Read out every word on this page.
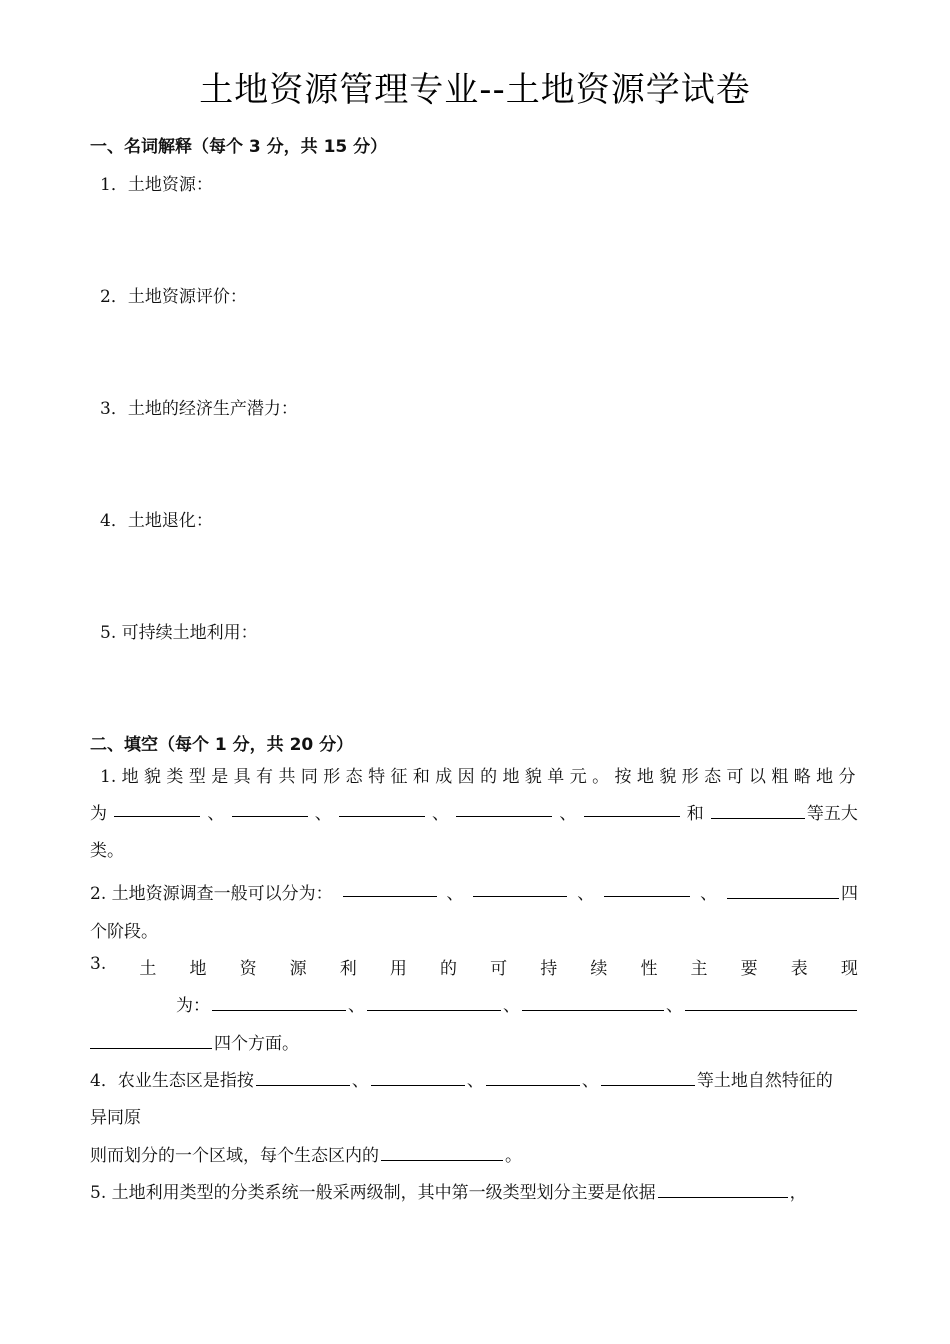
土地资源管理专业--土地资源学试卷
一、名词解释（每个 3 分，共 15 分）
1．土地资源：
2．土地资源评价：
3．土地的经济生产潜力：
4．土地退化：
5. 可持续土地利用：
二、填空（每个 1 分，共 20 分）
1. 地 貌 类 型 是 具 有 共 同 形 态 特 征 和 成 因 的 地 貌 单 元 。 按 地 貌 形 态 可 以 粗 略 地 分
为	、	、	、	、	和	等五大
类。
2. 土地资源调查一般可以分为：	、	、	、	四
个阶段。
3. 土 地 资 源 利 用 的 可 持 续 性 主 要 表 现
为：	、	、	、
四个方面。
4．农业生态区是指按	、	、	、	等土地自然特征的
异同原
则而划分的一个区域，每个生态区内的	。
5. 土地利用类型的分类系统一般采两级制，其中第一级类型划分主要是依据	，
